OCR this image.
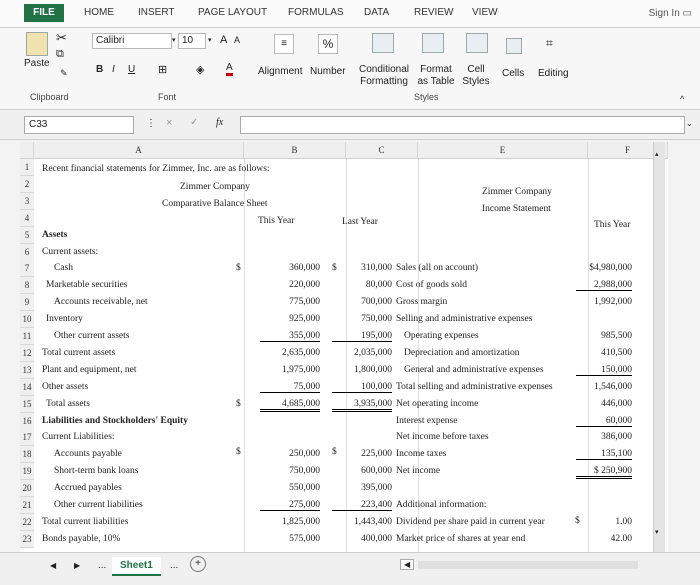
FILE	HOME INSERT PAGE LAYOUT FORMULAS DATA REVIEW VIEW	Sign In ▭
✂
⧉
Paste
✎
Calibri	▾ 10	▾ A A
B I U ⊞	◈ A
≡
Alignment
%
Number Conditional Formatting
Format as Table
Cell Styles
Cells
⌗
Editing
Clipboard	Font	Styles	^
C33	⋮ × ✓ fx	⌄
A	B	C	E	F
1
2
3
4
5
6
7
8
9
10
11
12
13
14
15
16
17
18
19
20
21
22
23
Recent financial statements for Zimmer, Inc. are as follows:
Zimmer Company
Comparative Balance Sheet
This Year	Last Year
Zimmer Company
Income Statement
This Year
$
$
$
$
$
$
Assets
Current assets:
Cash	360,000	310,000
Marketable securities	220,000	80,000
Accounts receivable, net	775,000	700,000
Inventory	925,000	750,000
Other current assets	355,000	195,000
Total current assets	2,635,000	2,035,000
Plant and equipment, net	1,975,000	1,800,000
Other assets	75,000	100,000
Total assets	4,685,000	3,935,000
Liabilities and Stockholders' Equity
Current Liabilities:
Accounts payable	250,000	225,000
Short-term bank loans	750,000	600,000
Accrued payables	550,000	395,000
Other current liabilities	275,000	223,400
Total current liabilities	1,825,000	1,443,400
Bonds payable, 10%	575,000	400,000
Sales (all on account)	$4,980,000
Cost of goods sold	2,988,000
Gross margin	1,992,000
Selling and administrative expenses
Operating expenses	985,500
Depreciation and amortization	410,500
General and administrative expenses	150,000
Total selling and administrative expenses	1,546,000
Net operating income	446,000
Interest expense	60,000
Net income before taxes	386,000
Income taxes	135,100
Net income	$ 250,900
Additional information:
Dividend per share paid in current year	1.00
Market price of shares at year end	42.00
▴
▾
◀ ▶ ...	Sheet1	...	+	◀
